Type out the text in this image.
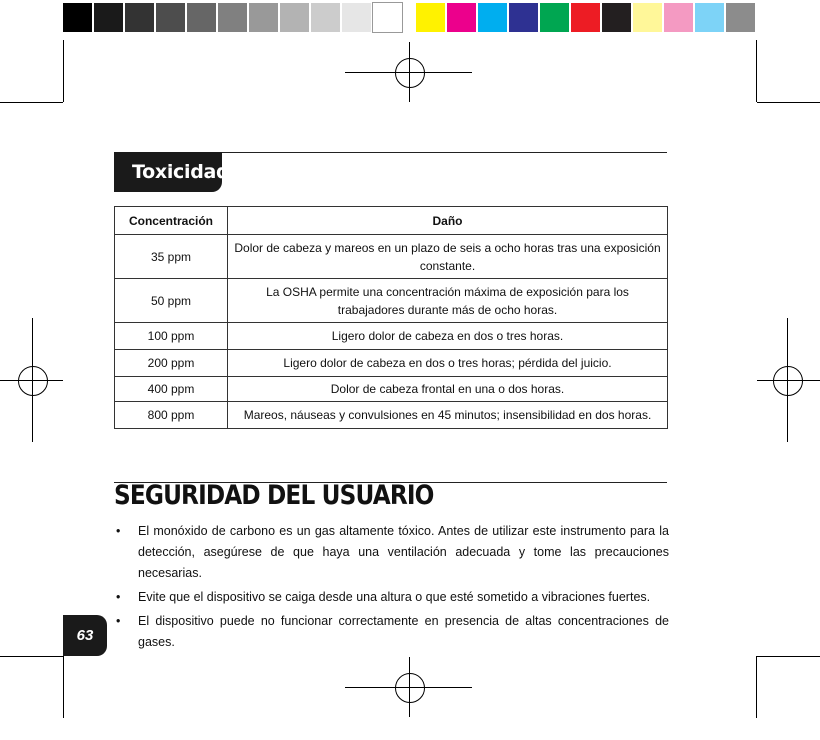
Toxicidad
Concentración	Daño
35 ppm	Dolor de cabeza y mareos en un plazo de seis a ocho horas tras una exposición constante.
50 ppm	La OSHA permite una concentración máxima de exposición para los trabajadores durante más de ocho horas.
100 ppm	Ligero dolor de cabeza en dos o tres horas.
200 ppm	Ligero dolor de cabeza en dos o tres horas; pérdida del juicio.
400 ppm	Dolor de cabeza frontal en una o dos horas.
800 ppm	Mareos, náuseas y convulsiones en 45 minutos; insensibilidad en dos horas.
SEGURIDAD DEL USUARIO
• El monóxido de carbono es un gas altamente tóxico. Antes de utilizar este instrumento para la detección, asegúrese de que haya una ventilación adecuada y tome las precauciones necesarias.
• Evite que el dispositivo se caiga desde una altura o que esté sometido a vibraciones fuertes.
• El dispositivo puede no funcionar correctamente en presencia de altas concentraciones de gases.
63
